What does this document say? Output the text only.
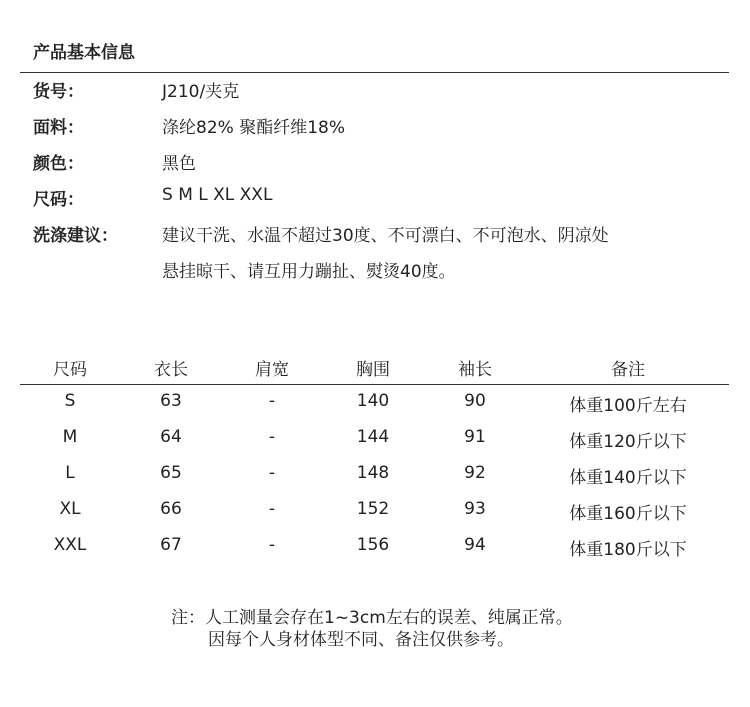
产品基本信息
货号：	J210/夹克
面料：	涤纶82% 聚酯纤维18%
颜色：	黑色
尺码：	S M L XL XXL
洗涤建议：	建议干洗、水温不超过30度、不可漂白、不可泡水、阴凉处
悬挂晾干、请互用力蹦扯、熨烫40度。
尺码	衣长	肩宽	胸围	袖长	备注
S	63	-	140	90	体重100斤左右
M	64	-	144	91	体重120斤以下
L	65	-	148	92	体重140斤以下
XL	66	-	152	93	体重160斤以下
XXL	67	-	156	94	体重180斤以下
注：人工测量会存在1~3cm左右的误差、纯属正常。
因每个人身材体型不同、备注仅供参考。
